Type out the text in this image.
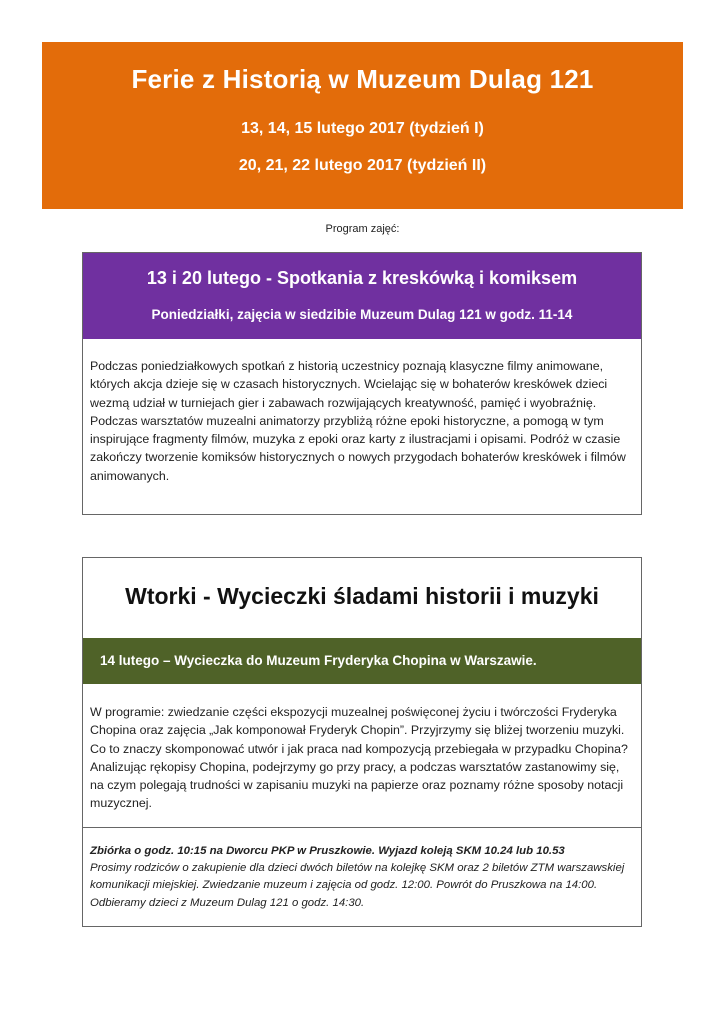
Ferie z Historią w Muzeum Dulag 121
13, 14, 15 lutego 2017 (tydzień I)
20, 21, 22 lutego 2017 (tydzień II)
Program zajęć:
13 i 20 lutego - Spotkania z kreskówką i komiksem
Poniedziałki, zajęcia w siedzibie Muzeum Dulag 121 w godz. 11-14
Podczas poniedziałkowych spotkań z historią uczestnicy poznają klasyczne filmy animowane, których akcja dzieje się w czasach historycznych. Wcielając się w bohaterów kreskówek dzieci wezmą udział w turniejach gier i zabawach rozwijających kreatywność, pamięć i wyobraźnię. Podczas warsztatów muzealni animatorzy przybliżą różne epoki historyczne, a pomogą w tym inspirujące fragmenty filmów, muzyka z epoki oraz karty z ilustracjami i opisami. Podróż w czasie zakończy tworzenie komiksów historycznych o nowych przygodach bohaterów kreskówek i filmów animowanych.
Wtorki - Wycieczki śladami historii i muzyki
14 lutego – Wycieczka do Muzeum Fryderyka Chopina w Warszawie.
W programie: zwiedzanie części ekspozycji muzealnej poświęconej życiu i twórczości Fryderyka Chopina oraz zajęcia „Jak komponował Fryderyk Chopin”. Przyjrzymy się bliżej tworzeniu muzyki. Co to znaczy skomponować utwór i jak praca nad kompozycją przebiegała w przypadku Chopina? Analizując rękopisy Chopina, podejrzymy go przy pracy, a podczas warsztatów zastanowimy się, na czym polegają trudności w zapisaniu muzyki na papierze oraz poznamy różne sposoby notacji muzycznej.
Zbiórka o godz. 10:15 na Dworcu PKP w Pruszkowie. Wyjazd koleją SKM 10.24 lub 10.53
Prosimy rodziców o zakupienie dla dzieci dwóch biletów na kolejkę SKM oraz 2 biletów ZTM warszawskiej komunikacji miejskiej. Zwiedzanie muzeum i zajęcia od godz. 12:00. Powrót do Pruszkowa na 14:00. Odbieramy dzieci z Muzeum Dulag 121 o godz. 14:30.
